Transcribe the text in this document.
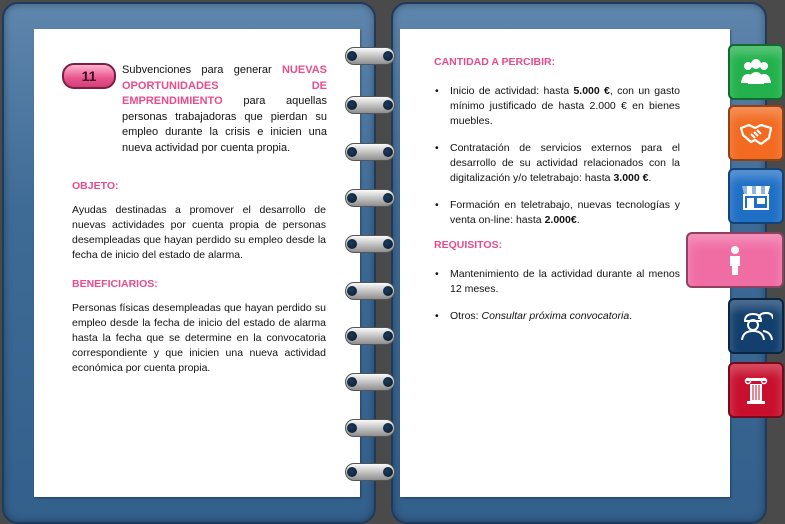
11	Subvenciones para generar NUEVAS OPORTUNIDADES DE EMPRENDIMIENTO para aquellas personas trabajadoras que pierdan su empleo durante la crisis e inicien una nueva actividad por cuenta propia.
OBJETO:
Ayudas destinadas a promover el desarrollo de nuevas actividades por cuenta propia de personas desempleadas que hayan perdido su empleo desde la fecha de inicio del estado de alarma.
BENEFICIARIOS:
Personas físicas desempleadas que hayan perdido su empleo desde la fecha de inicio del estado de alarma hasta la fecha que se determine en la convocatoria correspondiente y que inicien una nueva actividad económica por cuenta propia.
CANTIDAD A PERCIBIR:
• Inicio de actividad: hasta 5.000 €, con un gasto mínimo justificado de hasta 2.000 € en bienes muebles.
• Contratación de servicios externos para el desarrollo de su actividad relacionados con la digitalización y/o teletrabajo: hasta 3.000 €.
• Formación en teletrabajo, nuevas tecnologías y venta on-line: hasta 2.000€.
REQUISITOS:
• Mantenimiento de la actividad durante al menos 12 meses.
• Otros: Consultar próxima convocatoria.
